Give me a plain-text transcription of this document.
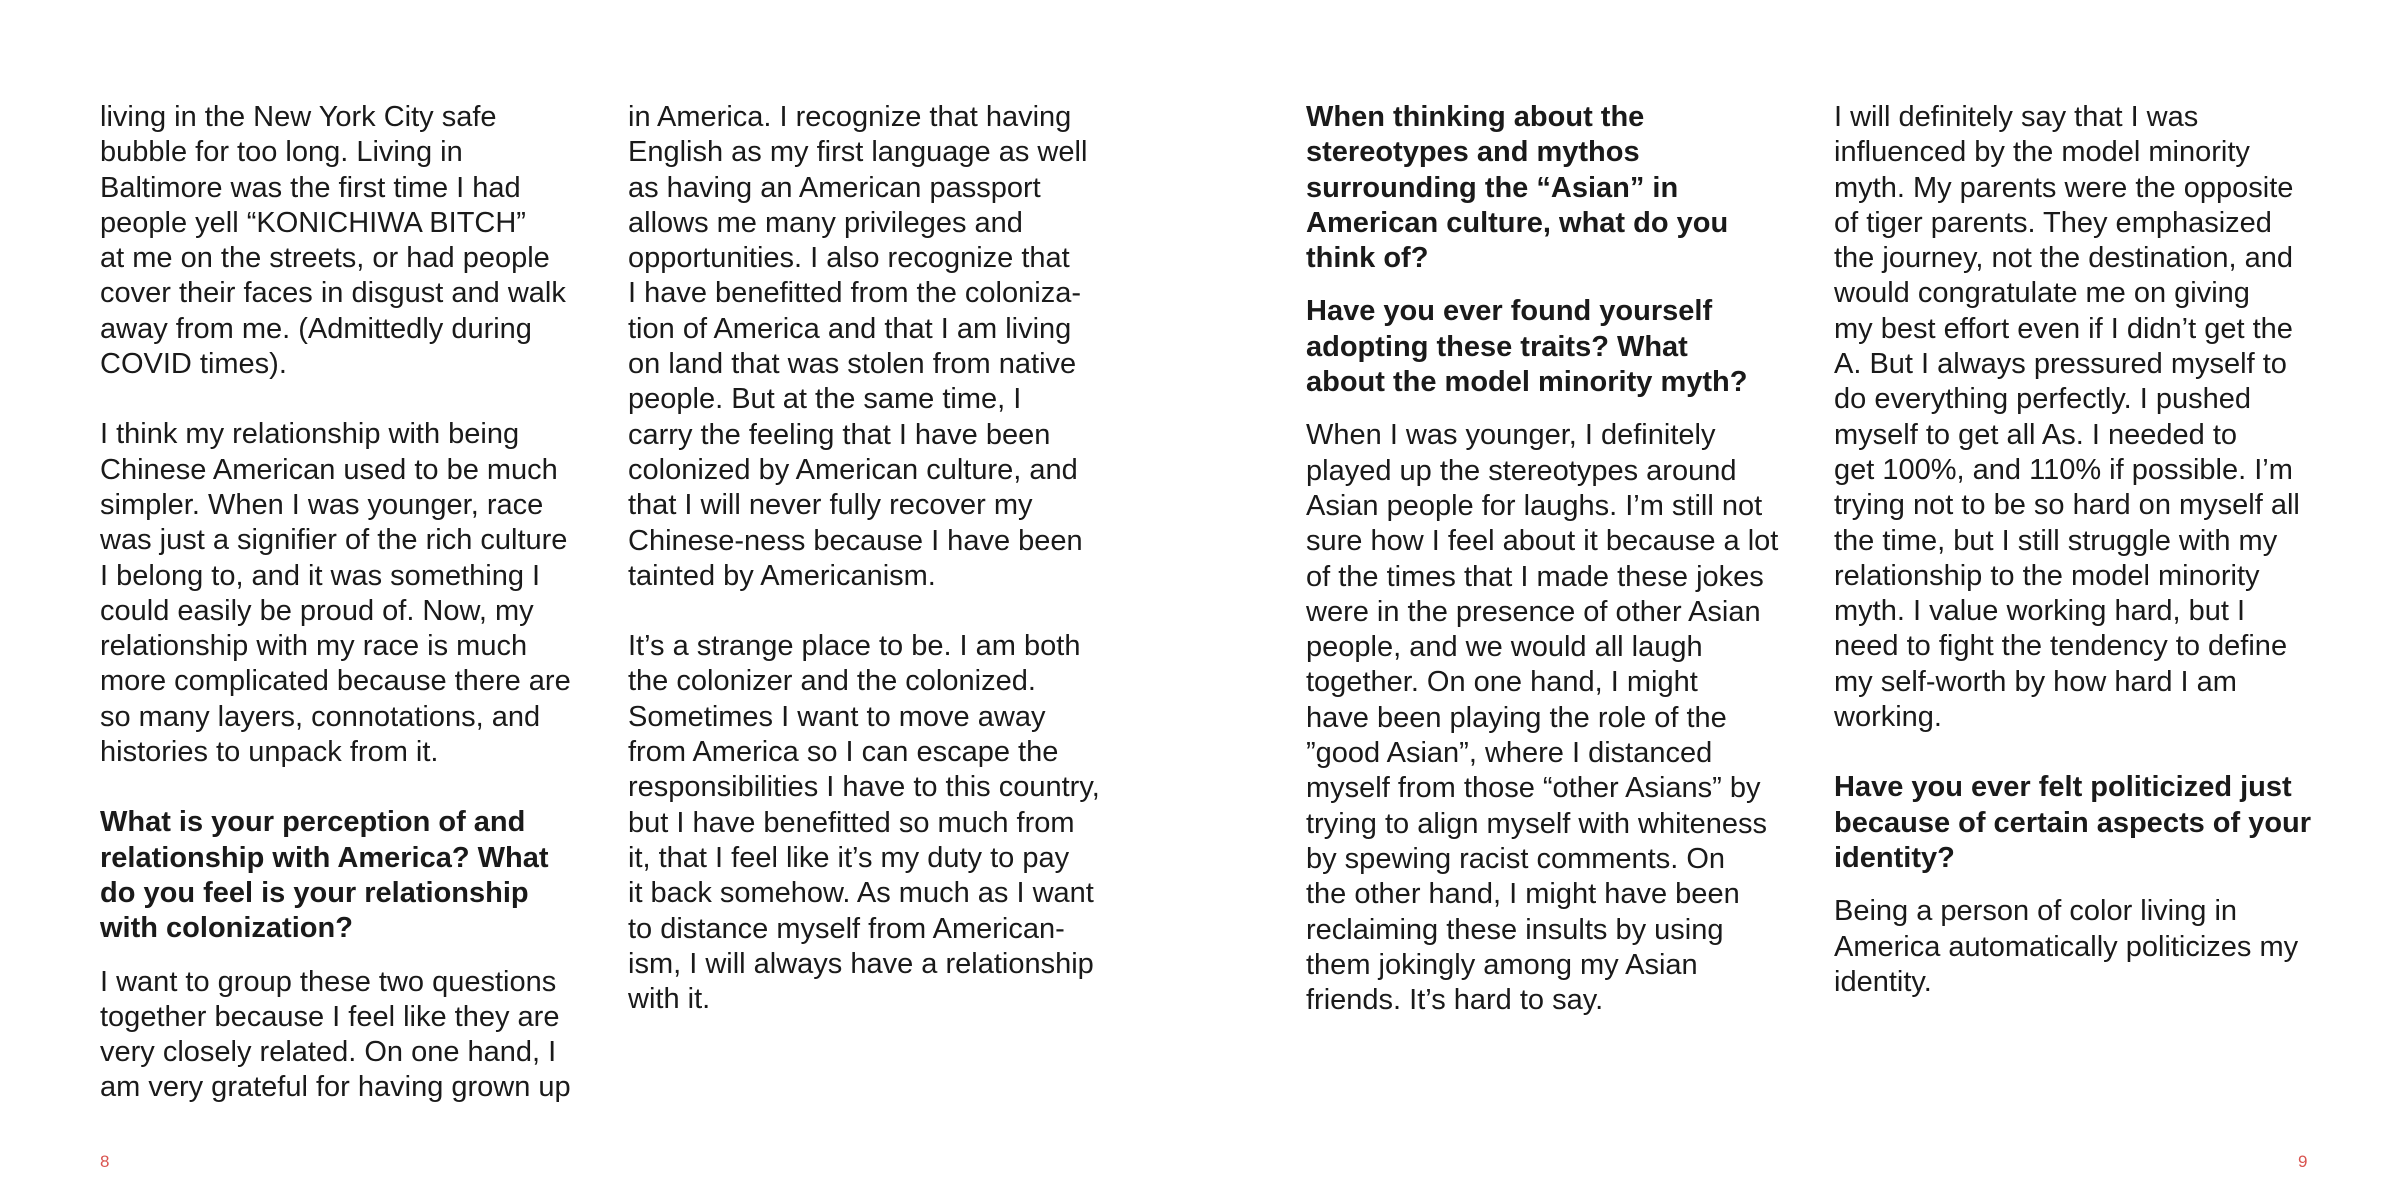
living in the New York City safe
bubble for too long. Living in
Baltimore was the first time I had
people yell “KONICHIWA BITCH”
at me on the streets, or had people
cover their faces in disgust and walk
away from me. (Admittedly during
COVID times).

I think my relationship with being
Chinese American used to be much
simpler. When I was younger, race
was just a signifier of the rich culture
I belong to, and it was something I
could easily be proud of. Now, my
relationship with my race is much
more complicated because there are
so many layers, connotations, and
histories to unpack from it.

What is your perception of and
relationship with America? What
do you feel is your relationship
with colonization?

I want to group these two questions
together because I feel like they are
very closely related. On one hand, I
am very grateful for having grown up

in America. I recognize that having
English as my first language as well
as having an American passport
allows me many privileges and
opportunities. I also recognize that
I have benefitted from the coloniza-
tion of America and that I am living
on land that was stolen from native
people. But at the same time, I
carry the feeling that I have been
colonized by American culture, and
that I will never fully recover my
Chinese-ness because I have been
tainted by Americanism.

It’s a strange place to be. I am both
the colonizer and the colonized.
Sometimes I want to move away
from America so I can escape the
responsibilities I have to this country,
but I have benefitted so much from
it, that I feel like it’s my duty to pay
it back somehow. As much as I want
to distance myself from American-
ism, I will always have a relationship
with it.

When thinking about the
stereotypes and mythos
surrounding the “Asian” in
American culture, what do you
think of?

Have you ever found yourself
adopting these traits? What
about the model minority myth?

When I was younger, I definitely
played up the stereotypes around
Asian people for laughs. I’m still not
sure how I feel about it because a lot
of the times that I made these jokes
were in the presence of other Asian
people, and we would all laugh
together. On one hand, I might
have been playing the role of the
”good Asian”, where I distanced
myself from those “other Asians” by
trying to align myself with whiteness
by spewing racist comments. On
the other hand, I might have been
reclaiming these insults by using
them jokingly among my Asian
friends. It’s hard to say.

I will definitely say that I was
influenced by the model minority
myth. My parents were the opposite
of tiger parents. They emphasized
the journey, not the destination, and
would congratulate me on giving
my best effort even if I didn’t get the
A. But I always pressured myself to
do everything perfectly. I pushed
myself to get all As. I needed to
get 100%, and 110% if possible. I’m
trying not to be so hard on myself all
the time, but I still struggle with my
relationship to the model minority
myth. I value working hard, but I
need to fight the tendency to define
my self-worth by how hard I am
working.

Have you ever felt politicized just
because of certain aspects of your
identity?

Being a person of color living in
America automatically politicizes my
identity.

8	9
